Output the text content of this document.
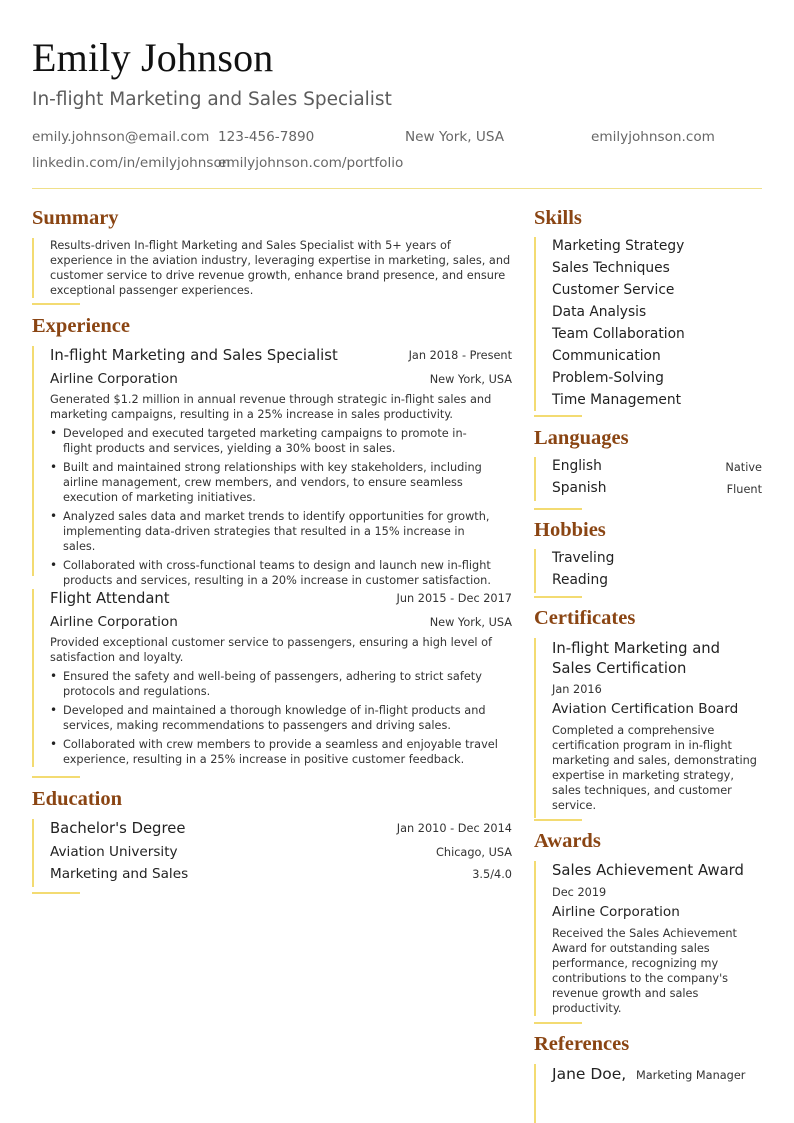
Emily Johnson
In-flight Marketing and Sales Specialist
emily.johnson@email.com 123-456-7890	New York, USA	emilyjohnson.com
linkedin.com/in/emilyjohnson
emilyjohnson.com/portfolio
Summary
Results-driven In-flight Marketing and Sales Specialist with 5+ years of experience in the aviation industry, leveraging expertise in marketing, sales, and customer service to drive revenue growth, enhance brand presence, and ensure exceptional passenger experiences.
Experience
In-flight Marketing and Sales Specialist	Jan 2018 - Present
Airline Corporation	New York, USA
Generated $1.2 million in annual revenue through strategic in-flight sales and marketing campaigns, resulting in a 25% increase in sales productivity.
• Developed and executed targeted marketing campaigns to promote in-flight products and services, yielding a 30% boost in sales.
• Built and maintained strong relationships with key stakeholders, including airline management, crew members, and vendors, to ensure seamless execution of marketing initiatives.
• Analyzed sales data and market trends to identify opportunities for growth, implementing data-driven strategies that resulted in a 15% increase in sales.
• Collaborated with cross-functional teams to design and launch new in-flight products and services, resulting in a 20% increase in customer satisfaction.
Flight Attendant	Jun 2015 - Dec 2017
Airline Corporation	New York, USA
Provided exceptional customer service to passengers, ensuring a high level of satisfaction and loyalty.
• Ensured the safety and well-being of passengers, adhering to strict safety protocols and regulations.
• Developed and maintained a thorough knowledge of in-flight products and services, making recommendations to passengers and driving sales.
• Collaborated with crew members to provide a seamless and enjoyable travel experience, resulting in a 25% increase in positive customer feedback.
Education
Bachelor's Degree	Jan 2010 - Dec 2014
Aviation University	Chicago, USA
Marketing and Sales	3.5/4.0
Skills
Marketing Strategy
Sales Techniques
Customer Service
Data Analysis
Team Collaboration
Communication
Problem-Solving
Time Management
Languages
English	Native
Spanish	Fluent
Hobbies
Traveling
Reading
Certificates
In-flight Marketing and Sales Certification
Jan 2016
Aviation Certification Board
Completed a comprehensive certification program in in-flight marketing and sales, demonstrating expertise in marketing strategy, sales techniques, and customer service.
Awards
Sales Achievement Award
Dec 2019
Airline Corporation
Received the Sales Achievement Award for outstanding sales performance, recognizing my contributions to the company's revenue growth and sales productivity.
References
Jane Doe, Marketing Manager
